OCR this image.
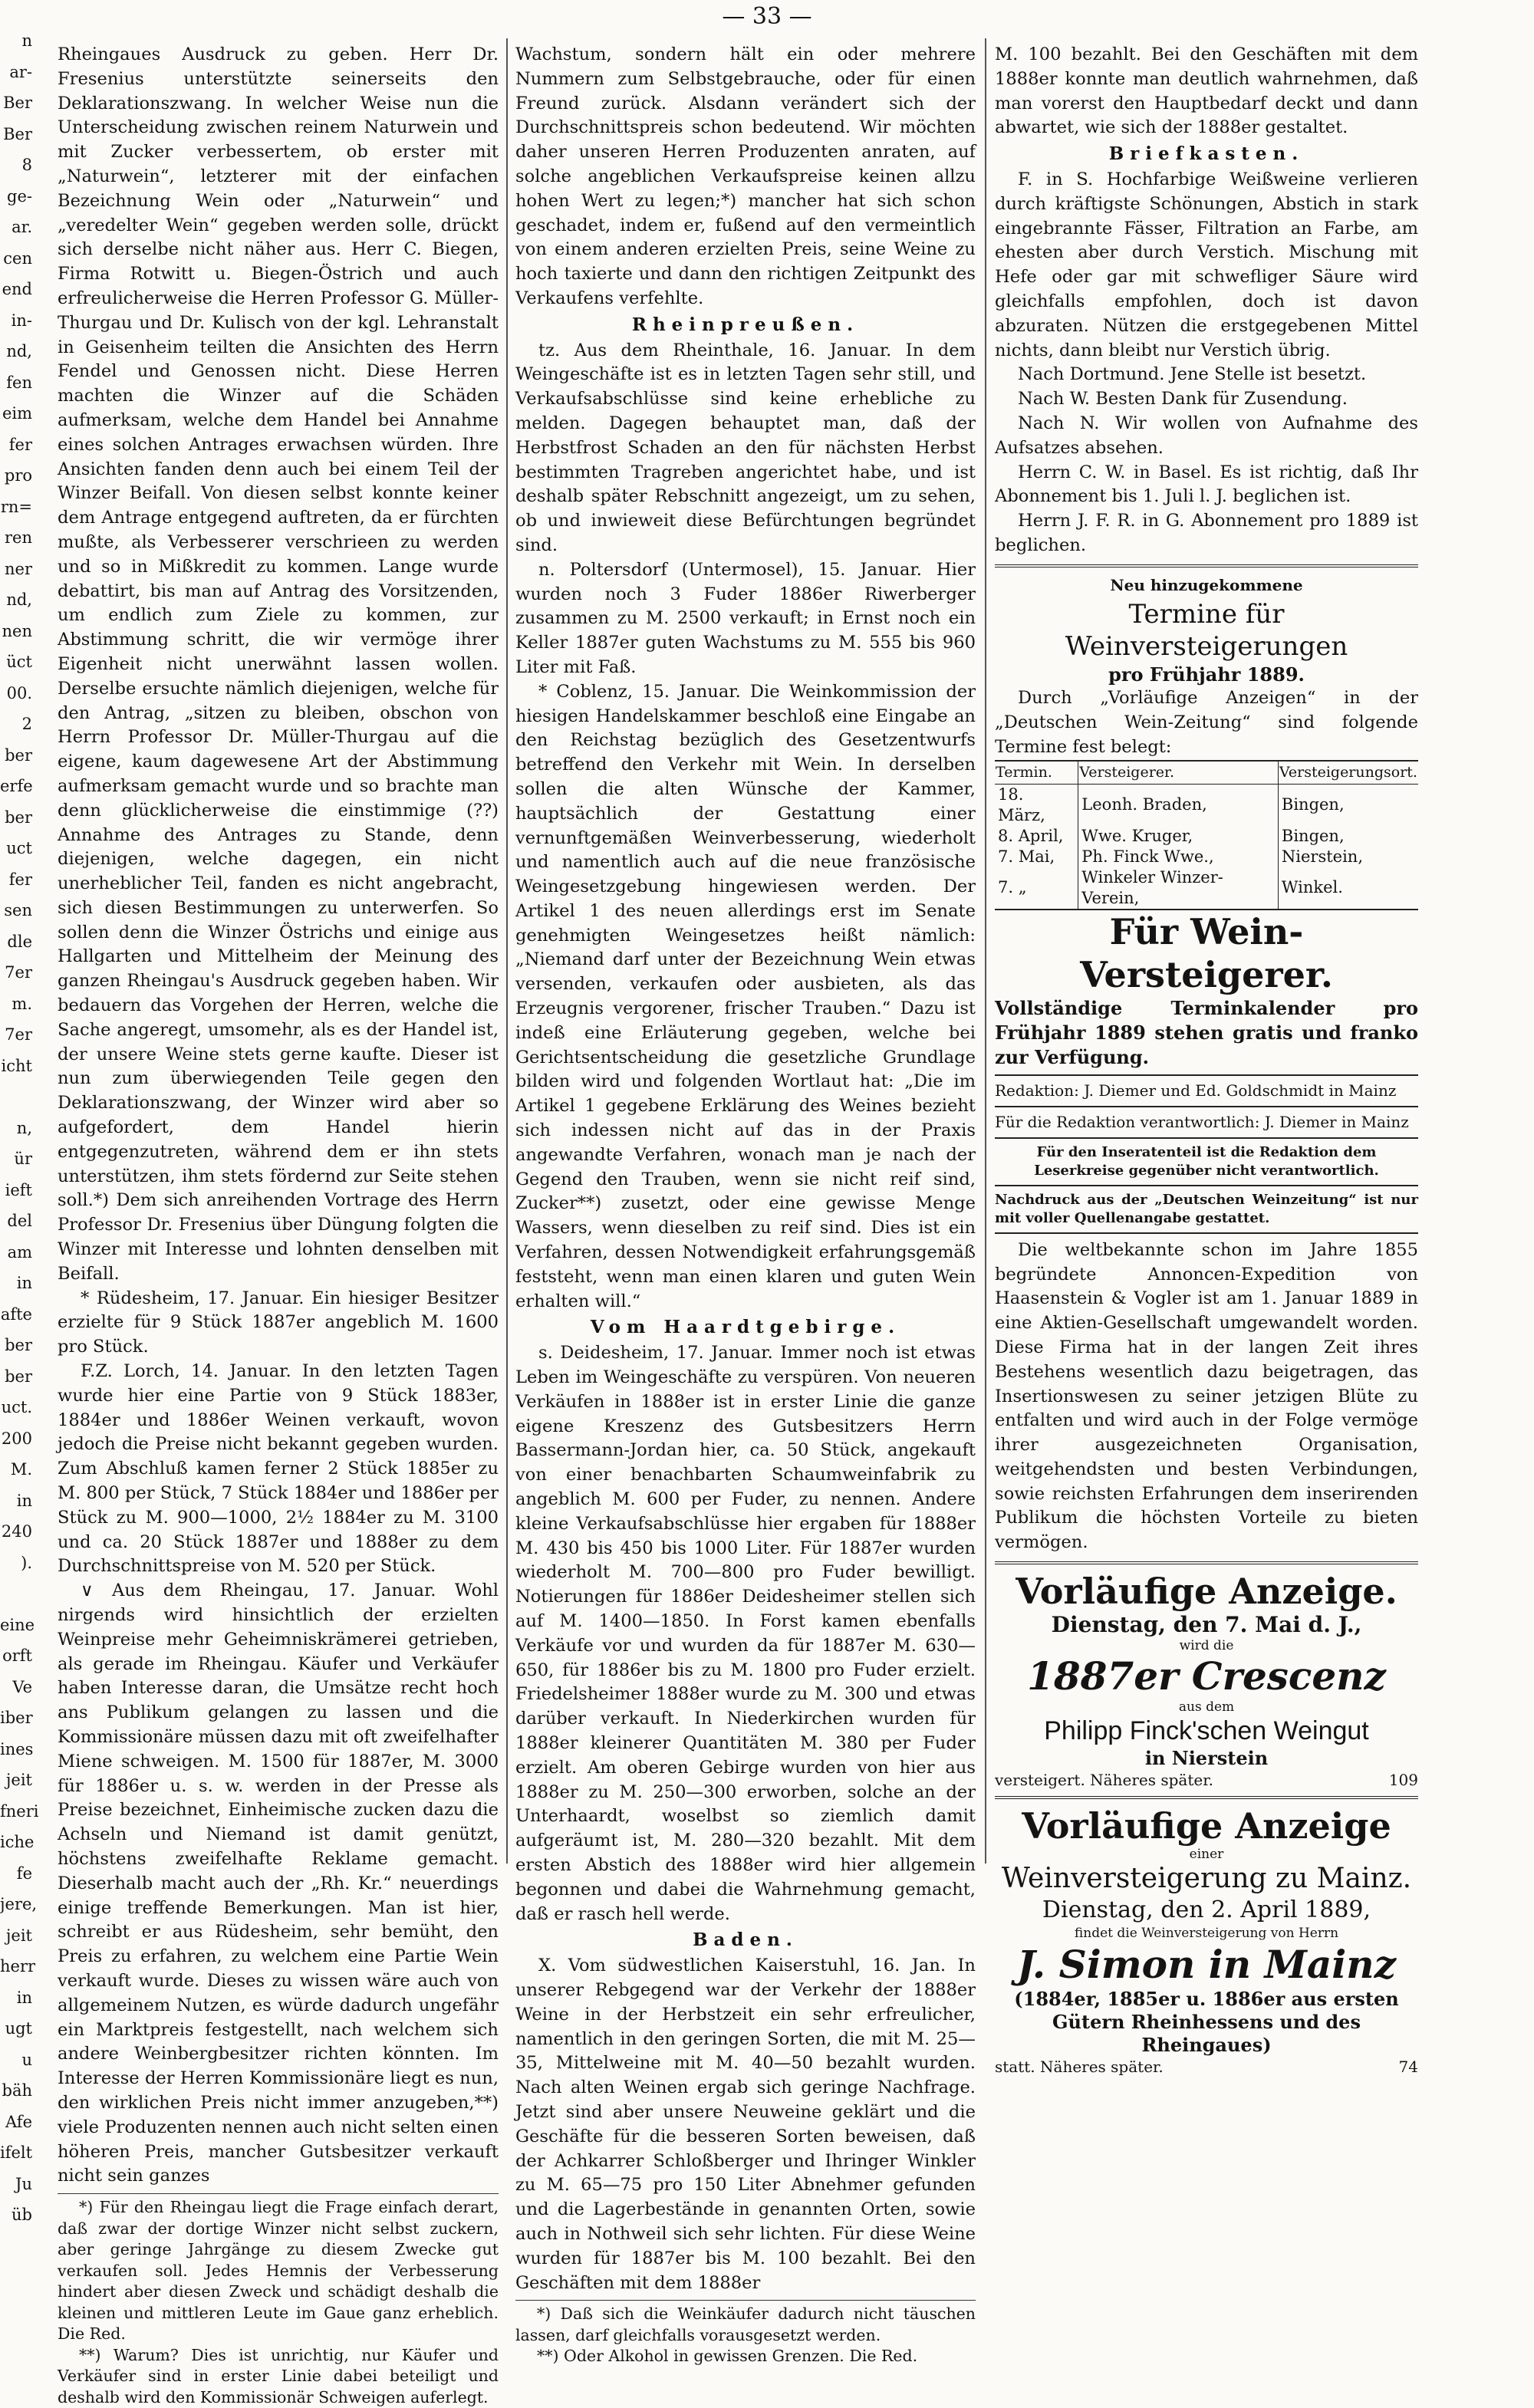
— 33 —
n
ar-
Ber
Ber
8
ge-
ar.
cen
end
in-
nd,
fen
eim
fer
pro
rn=
ren
ner
nd,
nen
üct
00.
2
ber
erfe
ber
uct
fer
sen
dle
7er
m.
7er
icht
n,
ür
ieft
del
am
in
afte
ber
ber
uct.
200
M.
in
240
).
eine
orft
Ve
iber
ines
jeit
fneri
iche
fe
jere,
jeit
herr
in
ugt
u
bäh
Afe
ifelt
Ju
üb

Rheingaues Ausdruck zu geben. Herr Dr. Fresenius unterstützte seinerseits den Deklarationszwang. In welcher Weise nun die Unterscheidung zwischen reinem Naturwein und mit Zucker verbessertem, ob erster mit „Naturwein“, letzterer mit der einfachen Bezeichnung Wein oder „Naturwein“ und „veredelter Wein“ gegeben werden solle, drückt sich derselbe nicht näher aus. Herr C. Biegen, Firma Rotwitt u. Biegen-Östrich und auch erfreulicherweise die Herren Professor G. Müller-Thurgau und Dr. Kulisch von der kgl. Lehranstalt in Geisenheim teilten die Ansichten des Herrn Fendel und Genossen nicht. Diese Herren machten die Winzer auf die Schäden aufmerksam, welche dem Handel bei Annahme eines solchen Antrages erwachsen würden. Ihre Ansichten fanden denn auch bei einem Teil der Winzer Beifall. Von diesen selbst konnte keiner dem Antrage entgegend auftreten, da er fürchten mußte, als Verbesserer verschrieen zu werden und so in Mißkredit zu kommen. Lange wurde debattirt, bis man auf Antrag des Vorsitzenden, um endlich zum Ziele zu kommen, zur Abstimmung schritt, die wir vermöge ihrer Eigenheit nicht unerwähnt lassen wollen. Derselbe ersuchte nämlich diejenigen, welche für den Antrag, „sitzen zu bleiben, obschon von Herrn Professor Dr. Müller-Thurgau auf die eigene, kaum dagewesene Art der Abstimmung aufmerksam gemacht wurde und so brachte man denn glücklicherweise die einstimmige (??) Annahme des Antrages zu Stande, denn diejenigen, welche dagegen, ein nicht unerheblicher Teil, fanden es nicht angebracht, sich diesen Bestimmungen zu unterwerfen. So sollen denn die Winzer Östrichs und einige aus Hallgarten und Mittelheim der Meinung des ganzen Rheingau's Ausdruck gegeben haben. Wir bedauern das Vorgehen der Herren, welche die Sache angeregt, umsomehr, als es der Handel ist, der unsere Weine stets gerne kaufte. Dieser ist nun zum überwiegenden Teile gegen den Deklarationszwang, der Winzer wird aber so aufgefordert, dem Handel hierin entgegenzutreten, während dem er ihn stets unterstützen, ihm stets fördernd zur Seite stehen soll.*) Dem sich anreihenden Vortrage des Herrn Professor Dr. Fresenius über Düngung folgten die Winzer mit Interesse und lohnten denselben mit Beifall.

* Rüdesheim, 17. Januar. Ein hiesiger Besitzer erzielte für 9 Stück 1887er angeblich M. 1600 pro Stück.

F.Z. Lorch, 14. Januar. In den letzten Tagen wurde hier eine Partie von 9 Stück 1883er, 1884er und 1886er Weinen verkauft, wovon jedoch die Preise nicht bekannt gegeben wurden. Zum Abschluß kamen ferner 2 Stück 1885er zu M. 800 per Stück, 7 Stück 1884er und 1886er per Stück zu M. 900—1000, 2½ 1884er zu M. 3100 und ca. 20 Stück 1887er und 1888er zu dem Durchschnittspreise von M. 520 per Stück.

∨ Aus dem Rheingau, 17. Januar. Wohl nirgends wird hinsichtlich der erzielten Weinpreise mehr Geheimniskrämerei getrieben, als gerade im Rheingau. Käufer und Verkäufer haben Interesse daran, die Umsätze recht hoch ans Publikum gelangen zu lassen und die Kommissionäre müssen dazu mit oft zweifelhafter Miene schweigen. M. 1500 für 1887er, M. 3000 für 1886er u. s. w. werden in der Presse als Preise bezeichnet, Einheimische zucken dazu die Achseln und Niemand ist damit genützt, höchstens zweifelhafte Reklame gemacht. Dieserhalb macht auch der „Rh. Kr.“ neuerdings einige treffende Bemerkungen. Man ist hier, schreibt er aus Rüdesheim, sehr bemüht, den Preis zu erfahren, zu welchem eine Partie Wein verkauft wurde. Dieses zu wissen wäre auch von allgemeinem Nutzen, es würde dadurch ungefähr ein Marktpreis festgestellt, nach welchem sich andere Weinbergbesitzer richten könnten. Im Interesse der Herren Kommissionäre liegt es nun, den wirklichen Preis nicht immer anzugeben,**) viele Produzenten nennen auch nicht selten einen höheren Preis, mancher Gutsbesitzer verkauft nicht sein ganzes

*) Für den Rheingau liegt die Frage einfach derart, daß zwar der dortige Winzer nicht selbst zuckern, aber geringe Jahrgänge zu diesem Zwecke gut verkaufen soll. Jedes Hemnis der Verbesserung hindert aber diesen Zweck und schädigt deshalb die kleinen und mittleren Leute im Gaue ganz erheblich. Die Red.

**) Warum? Dies ist unrichtig, nur Käufer und Verkäufer sind in erster Linie dabei beteiligt und deshalb wird den Kommissionär Schweigen auferlegt.

Wachstum, sondern hält ein oder mehrere Nummern zum Selbstgebrauche, oder für einen Freund zurück. Alsdann verändert sich der Durchschnittspreis schon bedeutend. Wir möchten daher unseren Herren Produzenten anraten, auf solche angeblichen Verkaufspreise keinen allzu hohen Wert zu legen;*) mancher hat sich schon geschadet, indem er, fußend auf den vermeintlich von einem anderen erzielten Preis, seine Weine zu hoch taxierte und dann den richtigen Zeitpunkt des Verkaufens verfehlte.

Rheinpreußen.

tz. Aus dem Rheinthale, 16. Januar. In dem Weingeschäfte ist es in letzten Tagen sehr still, und Verkaufsabschlüsse sind keine erhebliche zu melden. Dagegen behauptet man, daß der Herbstfrost Schaden an den für nächsten Herbst bestimmten Tragreben angerichtet habe, und ist deshalb später Rebschnitt angezeigt, um zu sehen, ob und inwieweit diese Befürchtungen begründet sind.

n. Poltersdorf (Untermosel), 15. Januar. Hier wurden noch 3 Fuder 1886er Riwerberger zusammen zu M. 2500 verkauft; in Ernst noch ein Keller 1887er guten Wachstums zu M. 555 bis 960 Liter mit Faß.

* Coblenz, 15. Januar. Die Weinkommission der hiesigen Handelskammer beschloß eine Eingabe an den Reichstag bezüglich des Gesetzentwurfs betreffend den Verkehr mit Wein. In derselben sollen die alten Wünsche der Kammer, hauptsächlich der Gestattung einer vernunftgemäßen Weinverbesserung, wiederholt und namentlich auch auf die neue französische Weingesetzgebung hingewiesen werden. Der Artikel 1 des neuen allerdings erst im Senate genehmigten Weingesetzes heißt nämlich: „Niemand darf unter der Bezeichnung Wein etwas versenden, verkaufen oder ausbieten, als das Erzeugnis vergorener, frischer Trauben.“ Dazu ist indeß eine Erläuterung gegeben, welche bei Gerichtsentscheidung die gesetzliche Grundlage bilden wird und folgenden Wortlaut hat: „Die im Artikel 1 gegebene Erklärung des Weines bezieht sich indessen nicht auf das in der Praxis angewandte Verfahren, wonach man je nach der Gegend den Trauben, wenn sie nicht reif sind, Zucker**) zusetzt, oder eine gewisse Menge Wassers, wenn dieselben zu reif sind. Dies ist ein Verfahren, dessen Notwendigkeit erfahrungsgemäß feststeht, wenn man einen klaren und guten Wein erhalten will.“

Vom Haardtgebirge.

s. Deidesheim, 17. Januar. Immer noch ist etwas Leben im Weingeschäfte zu verspüren. Von neueren Verkäufen in 1888er ist in erster Linie die ganze eigene Kreszenz des Gutsbesitzers Herrn Bassermann-Jordan hier, ca. 50 Stück, angekauft von einer benachbarten Schaumweinfabrik zu angeblich M. 600 per Fuder, zu nennen. Andere kleine Verkaufsabschlüsse hier ergaben für 1888er M. 430 bis 450 bis 1000 Liter. Für 1887er wurden wiederholt M. 700—800 pro Fuder bewilligt. Notierungen für 1886er Deidesheimer stellen sich auf M. 1400—1850. In Forst kamen ebenfalls Verkäufe vor und wurden da für 1887er M. 630—650, für 1886er bis zu M. 1800 pro Fuder erzielt. Friedelsheimer 1888er wurde zu M. 300 und etwas darüber verkauft. In Niederkirchen wurden für 1888er kleinerer Quantitäten M. 380 per Fuder erzielt. Am oberen Gebirge wurden von hier aus 1888er zu M. 250—300 erworben, solche an der Unterhaardt, woselbst so ziemlich damit aufgeräumt ist, M. 280—320 bezahlt. Mit dem ersten Abstich des 1888er wird hier allgemein begonnen und dabei die Wahrnehmung gemacht, daß er rasch hell werde.

Baden.

X. Vom südwestlichen Kaiserstuhl, 16. Jan. In unserer Rebgegend war der Verkehr der 1888er Weine in der Herbstzeit ein sehr erfreulicher, namentlich in den geringen Sorten, die mit M. 25—35, Mittelweine mit M. 40—50 bezahlt wurden. Nach alten Weinen ergab sich geringe Nachfrage. Jetzt sind aber unsere Neuweine geklärt und die Geschäfte für die besseren Sorten beweisen, daß der Achkarrer Schloßberger und Ihringer Winkler zu M. 65—75 pro 150 Liter Abnehmer gefunden und die Lagerbestände in genannten Orten, sowie auch in Nothweil sich sehr lichten. Für diese Weine wurden für 1887er bis M. 100 bezahlt. Bei den Geschäften mit dem 1888er

*) Daß sich die Weinkäufer dadurch nicht täuschen lassen, darf gleichfalls vorausgesetzt werden.

**) Oder Alkohol in gewissen Grenzen. Die Red.

M. 100 bezahlt. Bei den Geschäften mit dem 1888er konnte man deutlich wahrnehmen, daß man vorerst den Hauptbedarf deckt und dann abwartet, wie sich der 1888er gestaltet.

Briefkasten.

F. in S. Hochfarbige Weißweine verlieren durch kräftigste Schönungen, Abstich in stark eingebrannte Fässer, Filtration an Farbe, am ehesten aber durch Verstich. Mischung mit Hefe oder gar mit schwefliger Säure wird gleichfalls empfohlen, doch ist davon abzuraten. Nützen die erstgegebenen Mittel nichts, dann bleibt nur Verstich übrig.

Nach Dortmund. Jene Stelle ist besetzt.

Nach W. Besten Dank für Zusendung.

Nach N. Wir wollen von Aufnahme des Aufsatzes absehen.

Herrn C. W. in Basel. Es ist richtig, daß Ihr Abonnement bis 1. Juli l. J. beglichen ist.

Herrn J. F. R. in G. Abonnement pro 1889 ist beglichen.

Neu hinzugekommene
Termine für Weinversteigerungen
pro Frühjahr 1889.

Durch „Vorläufige Anzeigen“ in der „Deutschen Wein-Zeitung“ sind folgende Termine fest belegt:

Termin.	Versteigerer.	Versteigerungsort.
18. März,	Leonh. Braden,	Bingen,
8. April,	Wwe. Kruger,	Bingen,
7. Mai,	Ph. Finck Wwe.,	Nierstein,
7. „	Winkeler Winzer-Verein,	Winkel.
Für Wein-Versteigerer.

Vollständige Terminkalender pro Frühjahr 1889 stehen gratis und franko zur Verfügung.

Redaktion: J. Diemer und Ed. Goldschmidt in Mainz

Für die Redaktion verantwortlich: J. Diemer in Mainz

Für den Inseratenteil ist die Redaktion dem Leserkreise gegenüber nicht verantwortlich.

Nachdruck aus der „Deutschen Weinzeitung“ ist nur mit voller Quellenangabe gestattet.

Die weltbekannte schon im Jahre 1855 begründete Annoncen-Expedition von Haasenstein & Vogler ist am 1. Januar 1889 in eine Aktien-Gesellschaft umgewandelt worden. Diese Firma hat in der langen Zeit ihres Bestehens wesentlich dazu beigetragen, das Insertionswesen zu seiner jetzigen Blüte zu entfalten und wird auch in der Folge vermöge ihrer ausgezeichneten Organisation, weitgehendsten und besten Verbindungen, sowie reichsten Erfahrungen dem inserirenden Publikum die höchsten Vorteile zu bieten vermögen.

Vorläufige Anzeige.
Dienstag, den 7. Mai d. J.,
wird die
1887er Crescenz
aus dem
Philipp Finck'schen Weingut
in Nierstein
versteigert. Näheres später.	109
Vorläufige Anzeige
einer
Weinversteigerung zu Mainz.
Dienstag, den 2. April 1889,
findet die Weinversteigerung von Herrn
J. Simon in Mainz
(1884er, 1885er u. 1886er aus ersten Gütern Rheinhessens und des Rheingaues)
statt. Näheres später.	74
